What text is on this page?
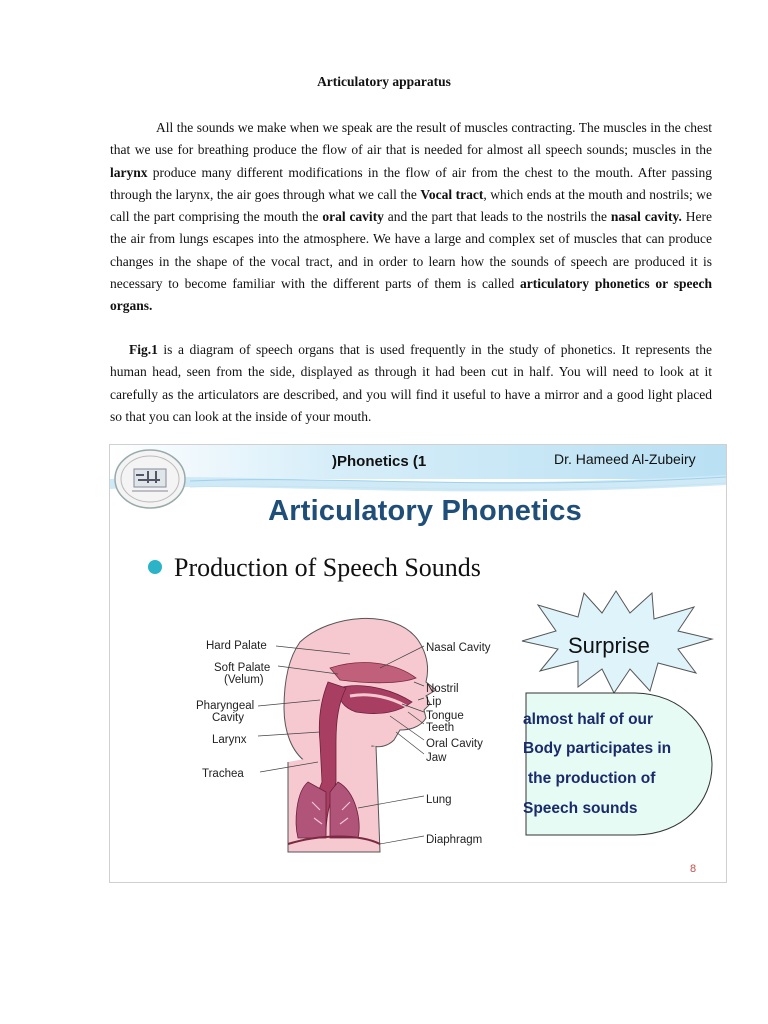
Articulatory apparatus

All the sounds we make when we speak are the result of muscles contracting. The muscles in the chest that we use for breathing produce the flow of air that is needed for almost all speech sounds; muscles in the larynx produce many different modifications in the flow of air from the chest to the mouth. After passing through the larynx, the air goes through what we call the Vocal tract, which ends at the mouth and nostrils; we call the part comprising the mouth the oral cavity and the part that leads to the nostrils the nasal cavity. Here the air from lungs escapes into the atmosphere. We have a large and complex set of muscles that can produce changes in the shape of the vocal tract, and in order to learn how the sounds of speech are produced it is necessary to become familiar with the different parts of them is called articulatory phonetics or speech organs.

Fig.1 is a diagram of speech organs that is used frequently in the study of phonetics. It represents the human head, seen from the side, displayed as through it had been cut in half. You will need to look at it carefully as the articulators are described, and you will find it useful to have a mirror and a good light placed so that you can look at the inside of your mouth.

)Phonetics (1	Dr. Hameed Al-Zubeiry
Articulatory Phonetics
Production of Speech Sounds
Hard Palate
Soft Palate
(Velum)
Pharyngeal
Cavity
Larynx
Trachea
Nasal Cavity
Nostril
Lip
Tongue
Teeth
Oral Cavity
Jaw
Lung
Diaphragm
Surprise
almost half of our
Body participates in
the production of
Speech sounds
8
